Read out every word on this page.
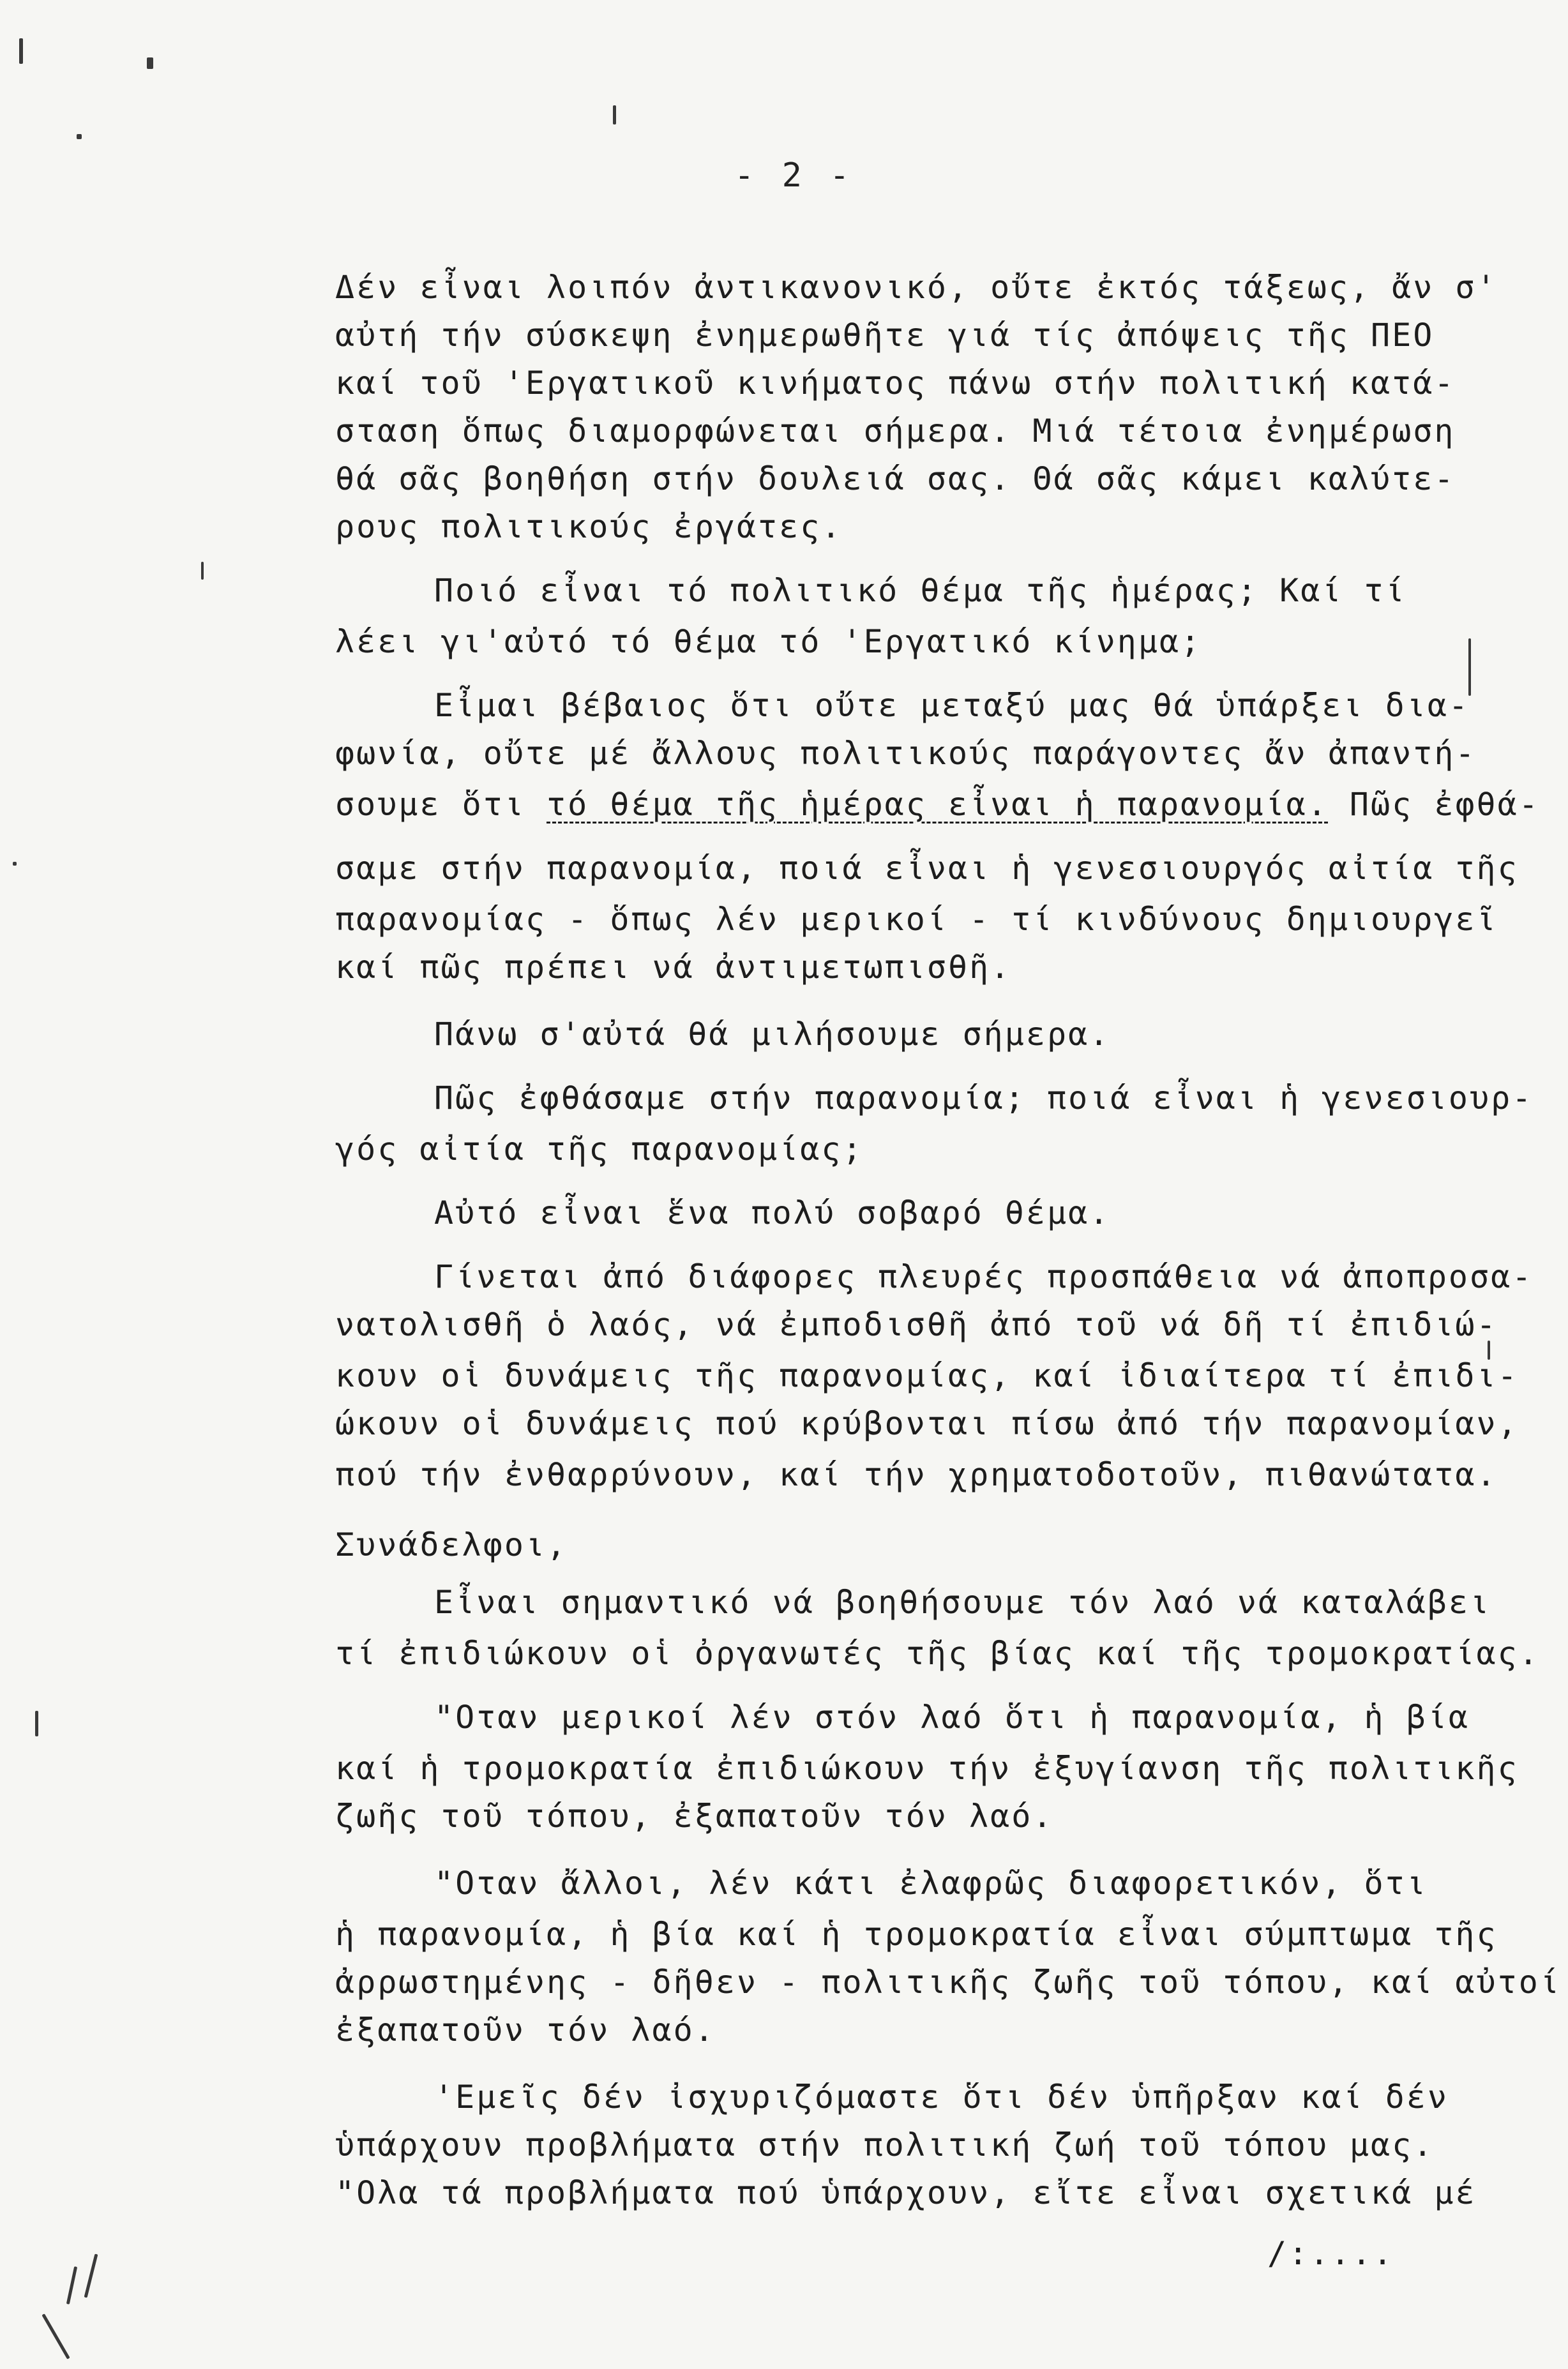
- 2 -
Δέν εἶναι λοιπόν ἀντικανονικό, οὔτε ἐκτός τάξεως, ἄν σ'
αὐτή τήν σύσκεψη ἐνημερωθῆτε γιά τίς ἀπόψεις τῆς ΠΕΟ
καί τοῦ 'Εργατικοῦ κινήματος πάνω στήν πολιτική κατά-
σταση ὅπως διαμορφώνεται σήμερα. Μιά τέτοια ἐνημέρωση
θά σᾶς βοηθήση στήν δουλειά σας. Θά σᾶς κάμει καλύτε-
ρους πολιτικούς ἐργάτες.
Ποιό εἶναι τό πολιτικό θέμα τῆς ἡμέρας; Καί τί
λέει γι'αὐτό τό θέμα τό 'Εργατικό κίνημα;
Εἶμαι βέβαιος ὅτι οὔτε μεταξύ μας θά ὑπάρξει δια-
φωνία, οὔτε μέ ἄλλους πολιτικούς παράγοντες ἄν ἀπαντή-
σουμε ὅτι τό θέμα τῆς ἡμέρας εἶναι ἡ παρανομία. Πῶς ἐφθά-
σαμε στήν παρανομία, ποιά εἶναι ἡ γενεσιουργός αἰτία τῆς
παρανομίας - ὅπως λέν μερικοί - τί κινδύνους δημιουργεῖ
καί πῶς πρέπει νά ἀντιμετωπισθῆ.
Πάνω σ'αὐτά θά μιλήσουμε σήμερα.
Πῶς ἐφθάσαμε στήν παρανομία; ποιά εἶναι ἡ γενεσιουρ-
γός αἰτία τῆς παρανομίας;
Αὐτό εἶναι ἕνα πολύ σοβαρό θέμα.
Γίνεται ἀπό διάφορες πλευρές προσπάθεια νά ἀποπροσα-
νατολισθῆ ὁ λαός, νά ἐμποδισθῆ ἀπό τοῦ νά δῆ τί ἐπιδιώ-
κουν οἱ δυνάμεις τῆς παρανομίας, καί ἰδιαίτερα τί ἐπιδι-
ώκουν οἱ δυνάμεις πού κρύβονται πίσω ἀπό τήν παρανομίαν,
πού τήν ἐνθαρρύνουν, καί τήν χρηματοδοτοῦν, πιθανώτατα.
Συνάδελφοι,
Εἶναι σημαντικό νά βοηθήσουμε τόν λαό νά καταλάβει
τί ἐπιδιώκουν οἱ ὀργανωτές τῆς βίας καί τῆς τρομοκρατίας.
"Οταν μερικοί λέν στόν λαό ὅτι ἡ παρανομία, ἡ βία
καί ἡ τρομοκρατία ἐπιδιώκουν τήν ἐξυγίανση τῆς πολιτικῆς
ζωῆς τοῦ τόπου, ἐξαπατοῦν τόν λαό.
"Οταν ἄλλοι, λέν κάτι ἐλαφρῶς διαφορετικόν, ὅτι
ἡ παρανομία, ἡ βία καί ἡ τρομοκρατία εἶναι σύμπτωμα τῆς
ἀρρωστημένης - δῆθεν - πολιτικῆς ζωῆς τοῦ τόπου, καί αὐτοί
ἐξαπατοῦν τόν λαό.
'Εμεῖς δέν ἰσχυριζόμαστε ὅτι δέν ὑπῆρξαν καί δέν
ὑπάρχουν προβλήματα στήν πολιτική ζωή τοῦ τόπου μας.
"Ολα τά προβλήματα πού ὑπάρχουν, εἴτε εἶναι σχετικά μέ
/:....
